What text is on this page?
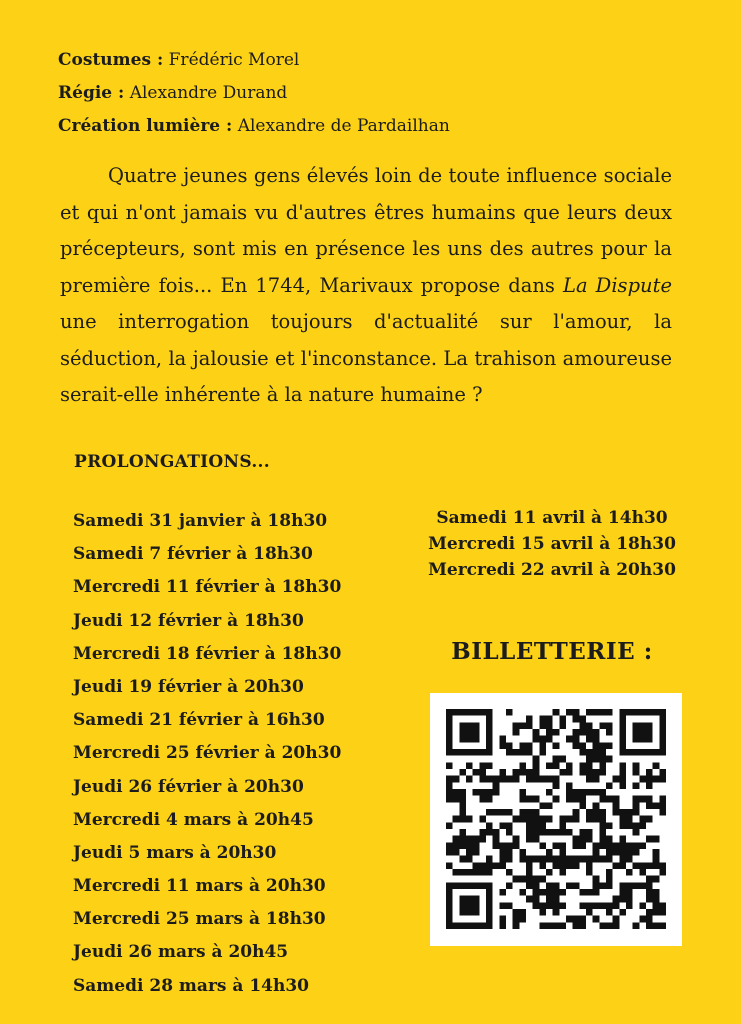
Costumes : Frédéric Morel
Régie : Alexandre Durand
Création lumière : Alexandre de Pardailhan
Quatre jeunes gens élevés loin de toute influence sociale et qui n'ont jamais vu d'autres êtres humains que leurs deux précepteurs, sont mis en présence les uns des autres pour la première fois... En 1744, Marivaux propose dans La Dispute une interrogation toujours d'actualité sur l'amour, la séduction, la jalousie et l'inconstance. La trahison amoureuse serait-elle inhérente à la nature humaine ?
PROLONGATIONS...
Samedi 31 janvier à 18h30
Samedi 7 février à 18h30
Mercredi 11 février à 18h30
Jeudi 12 février à 18h30
Mercredi 18 février à 18h30
Jeudi 19 février à 20h30
Samedi 21 février à 16h30
Mercredi 25 février à 20h30
Jeudi 26 février à 20h30
Mercredi 4 mars à 20h45
Jeudi 5 mars à 20h30
Mercredi 11 mars à 20h30
Mercredi 25 mars à 18h30
Jeudi 26 mars à 20h45
Samedi 28 mars à 14h30
Samedi 11 avril à 14h30
Mercredi 15 avril à 18h30
Mercredi 22 avril à 20h30
BILLETTERIE :
